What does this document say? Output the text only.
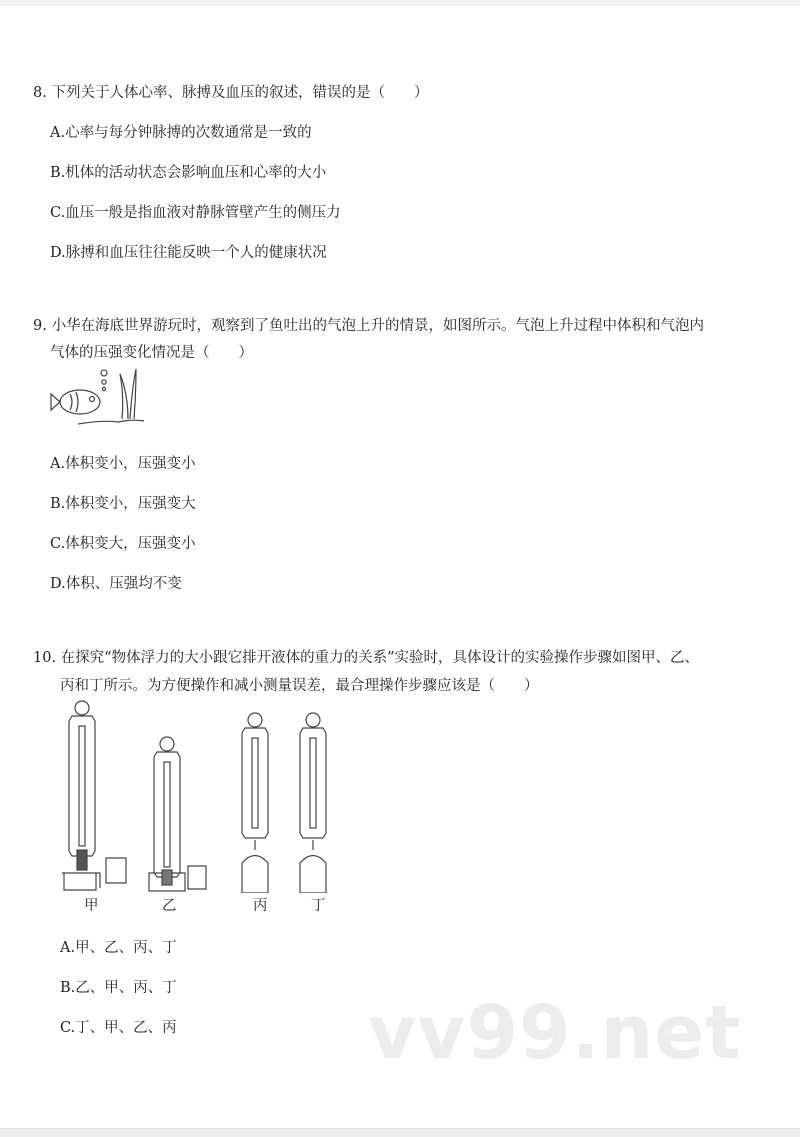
8. 下列关于人体心率、脉搏及血压的叙述，错误的是（　　）
A.心率与每分钟脉搏的次数通常是一致的
B.机体的活动状态会影响血压和心率的大小
C.血压一般是指血液对静脉管壁产生的侧压力
D.脉搏和血压往往能反映一个人的健康状况
9. 小华在海底世界游玩时，观察到了鱼吐出的气泡上升的情景，如图所示。气泡上升过程中体积和气泡内
气体的压强变化情况是（　　）
A.体积变小，压强变小
B.体积变小，压强变大
C.体积变大，压强变小
D.体积、压强均不变
10. 在探究“物体浮力的大小跟它排开液体的重力的关系”实验时，具体设计的实验操作步骤如图甲、乙、
丙和丁所示。为方便操作和减小测量误差，最合理操作步骤应该是（　　）
甲	乙	丙	丁
A.甲、乙、丙、丁
B.乙、甲、丙、丁
C.丁、甲、乙、丙	vv99.net
